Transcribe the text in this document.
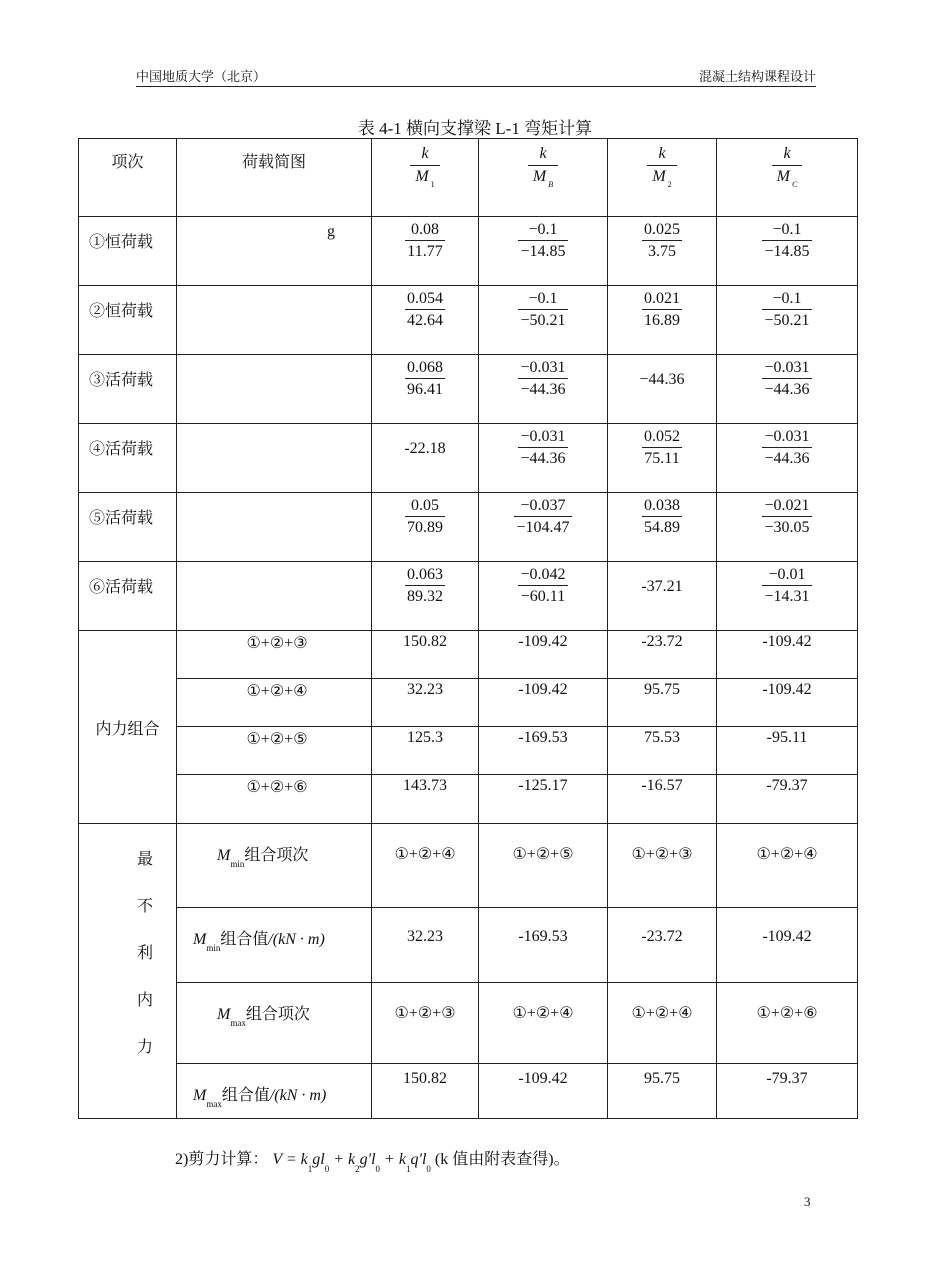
中国地质大学（北京）	混凝土结构课程设计
表 4-1 横向支撑梁 L-1 弯矩计算
项次	荷载简图	$\frac{k}{M _1}$	$\frac{k}{M _B}$	$\frac{k}{M _2}$	$\frac{k}{M _C}$

①恒荷载	g	$\frac{0.08}{11.77}$	$\frac{-0.1}{-14.85}$	$\frac{0.025}{3.75}$	$\frac{-0.1}{-14.85}$

②恒荷载		$\frac{0.054}{42.64}$	$\frac{-0.1}{-50.21}$	$\frac{0.021}{16.89}$	$\frac{-0.1}{-50.21}$

③活荷载		$\frac{0.068}{96.41}$	$\frac{-0.031}{-44.36}$	−44.36	$\frac{-0.031}{-44.36}$

④活荷载		-22.18	$\frac{-0.031}{-44.36}$	$\frac{0.052}{75.11}$	$\frac{-0.031}{-44.36}$

⑤活荷载		$\frac{0.05}{70.89}$	$\frac{-0.037}{-104.47}$	$\frac{0.038}{54.89}$	$\frac{-0.021}{-30.05}$

⑥活荷载		$\frac{0.063}{89.32}$	$\frac{-0.042}{-60.11}$	-37.21	$\frac{-0.01}{-14.31}$

内力组合	①+②+③	150.82	-109.42	-23.72	-109.42

	①+②+④	32.23	-109.42	95.75	-109.42

	①+②+⑤	125.3	-169.53	75.53	-95.11

	①+②+⑥	143.73	-125.17	-16.57	-79.37

最
不
利
内
力	$M_{min}$组合项次	①+②+④	①+②+⑤	①+②+③	①+②+④
	$M_{min}$组合值/(kN · m)	32.23	-169.53	-23.72	-109.42
	$M_{max}$组合项次	①+②+③	①+②+④	①+②+④	①+②+⑥
	$M_{max}$组合值/(kN · m)	150.82	-109.42	95.75	-79.37
2)剪力计算： $V = k_1gl_0 + k_2g'l_0 + k_1q'l_0$ (k 值由附表查得)。
3
